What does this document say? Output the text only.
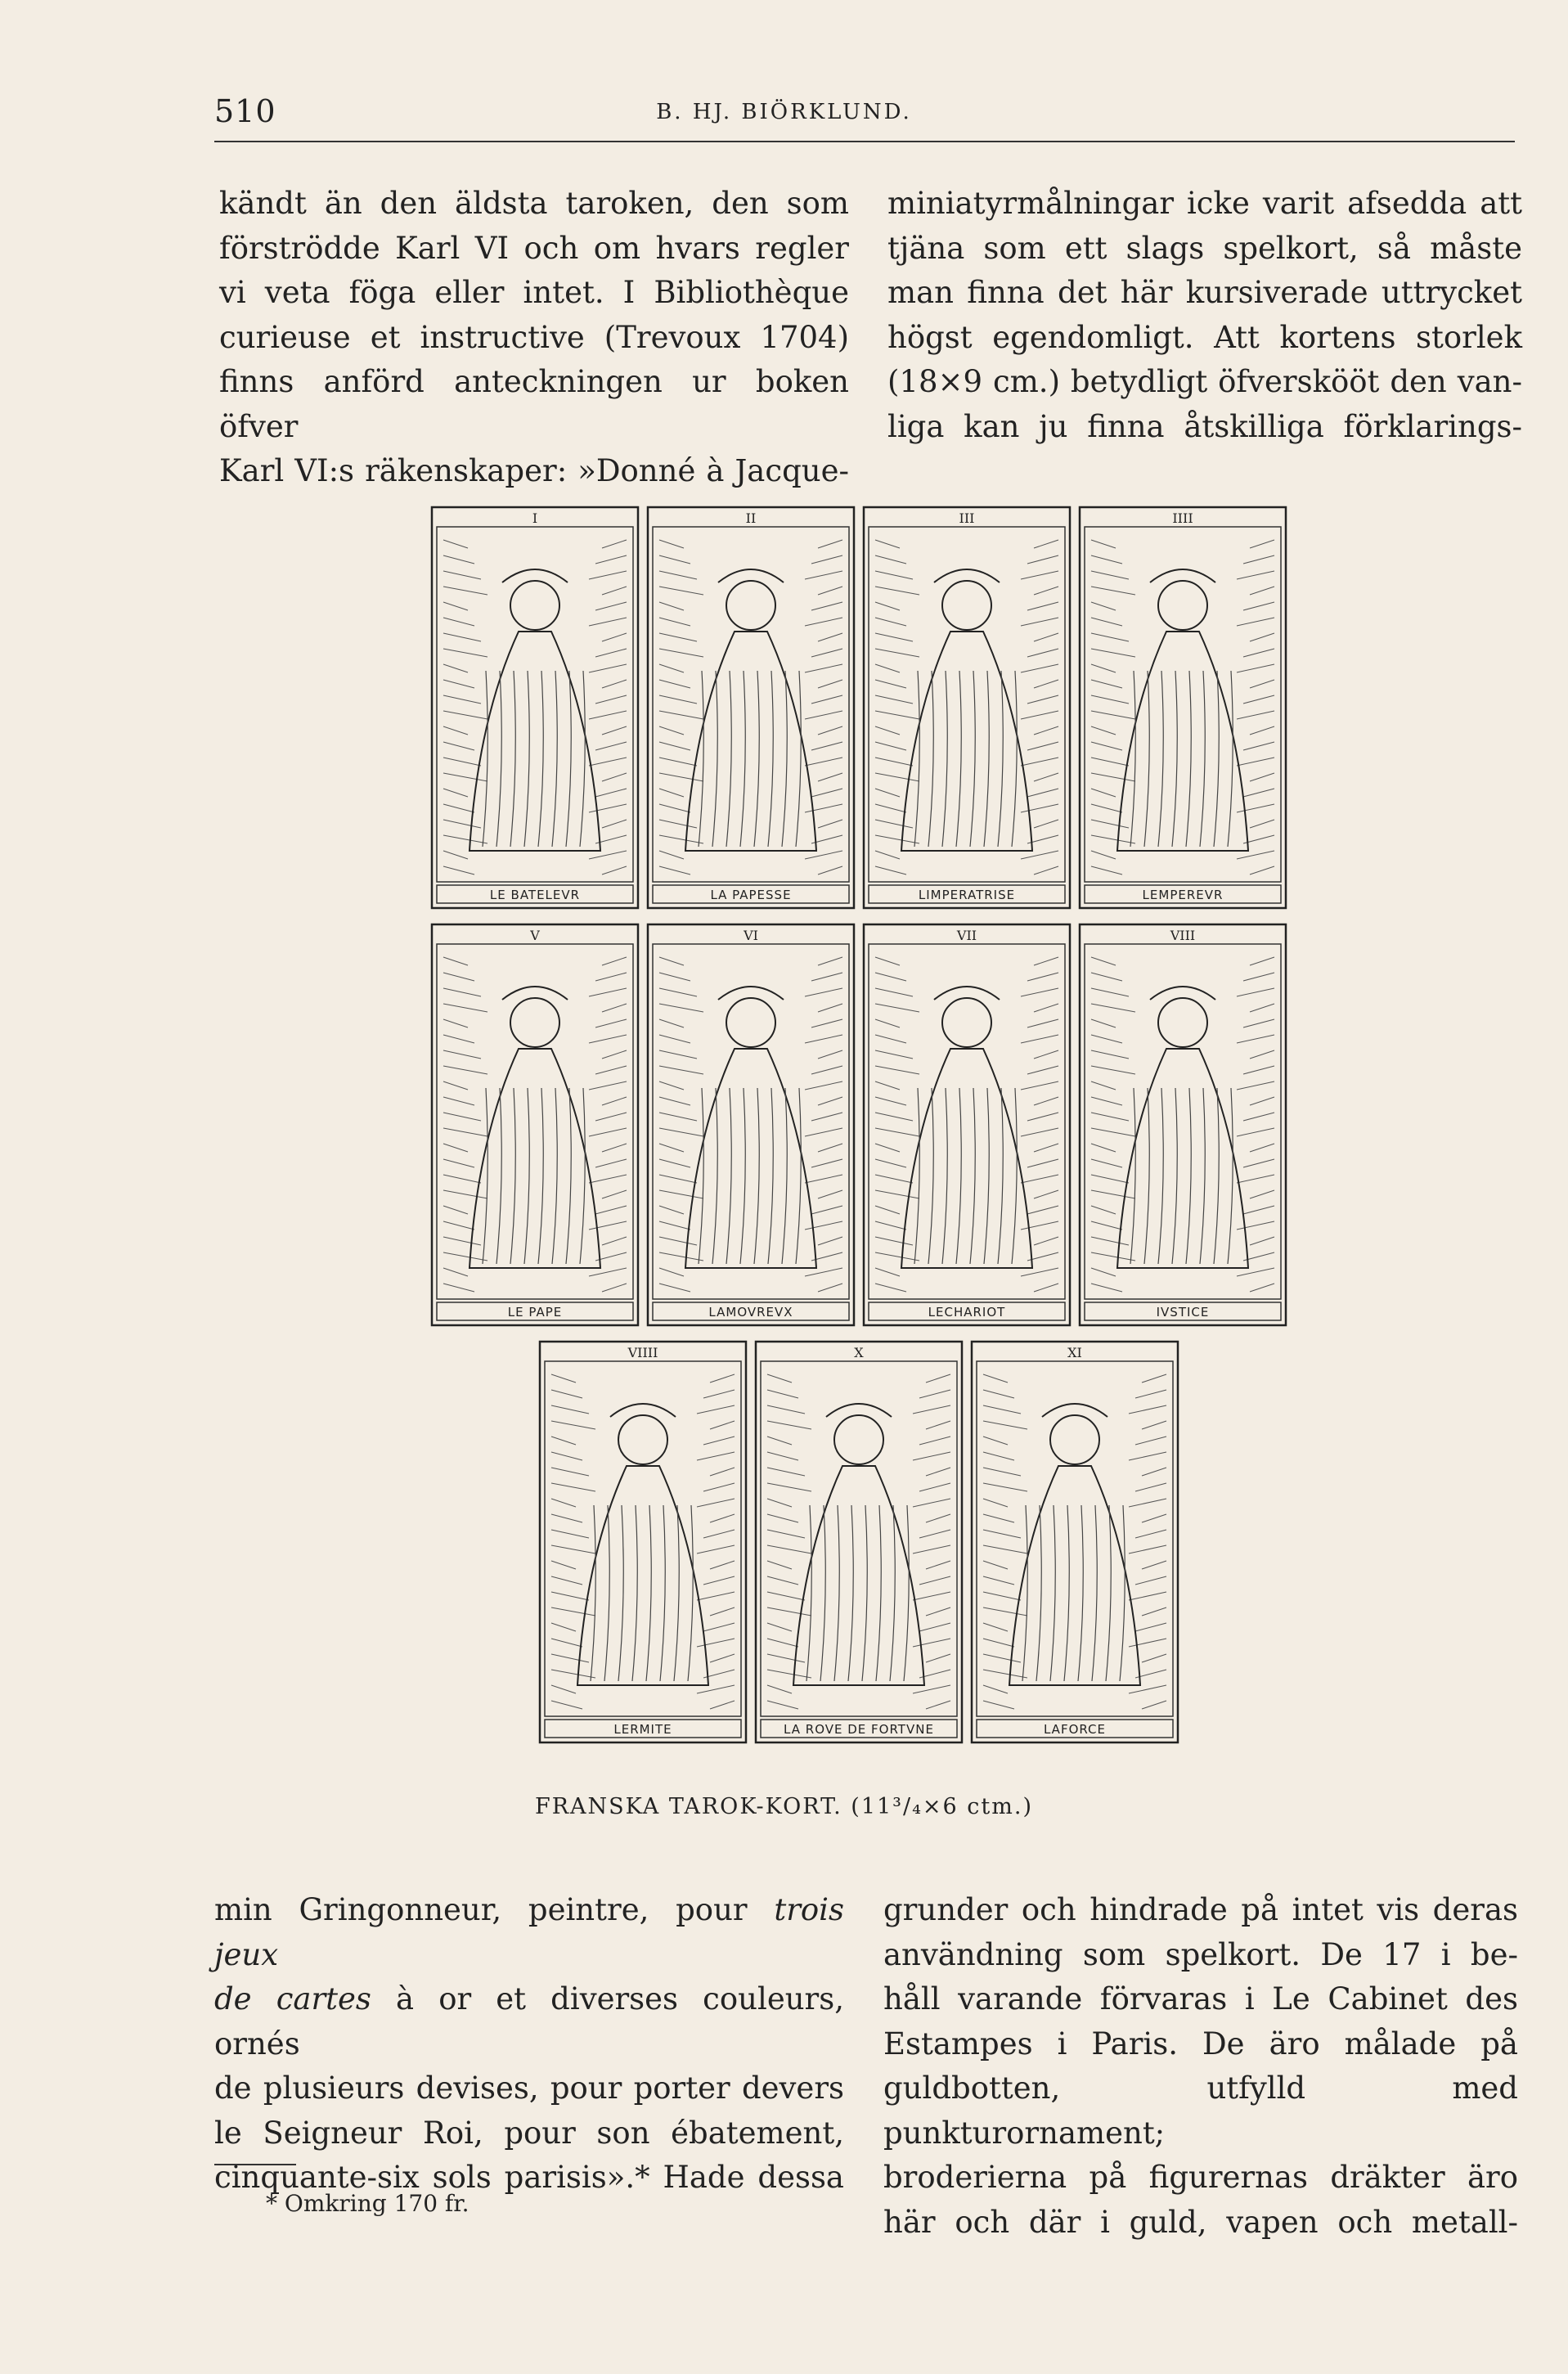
510	B. HJ. BIÖRKLUND.
kändt än den äldsta taroken, den som
förströdde Karl VI och om hvars regler
vi veta föga eller intet. I Bibliothèque
curieuse et instructive (Trevoux 1704)
finns anförd anteckningen ur boken öfver
Karl VI:s räkenskaper: »Donné à Jacque-
miniatyrmålningar icke varit afsedda att
tjäna som ett slags spelkort, så måste
man finna det här kursiverade uttrycket
högst egendomligt. Att kortens storlek
(18×9 cm.) betydligt öfverskööt den van-
liga kan ju finna åtskilliga förklarings-
I
LE BATELEVR
II
LA PAPESSE
III
LIMPERATRISE
IIII
LEMPEREVR
V
LE PAPE
VI
LAMOVREVX
VII
LECHARIOT
VIII
IVSTICE
VIIII
LERMITE
X
LA ROVE DE FORTVNE
XI
LAFORCE
FRANSKA TAROK-KORT. (11³/₄×6 ctm.)
min Gringonneur, peintre, pour trois jeux
de cartes à or et diverses couleurs, ornés
de plusieurs devises, pour porter devers
le Seigneur Roi, pour son ébatement,
cinquante-six sols parisis».* Hade dessa
* Omkring 170 fr.
grunder och hindrade på intet vis deras
användning som spelkort. De 17 i be-
håll varande förvaras i Le Cabinet des
Estampes i Paris. De äro målade på
guldbotten, utfylld med punkturornament;
broderierna på figurernas dräkter äro
här och där i guld, vapen och metall-
